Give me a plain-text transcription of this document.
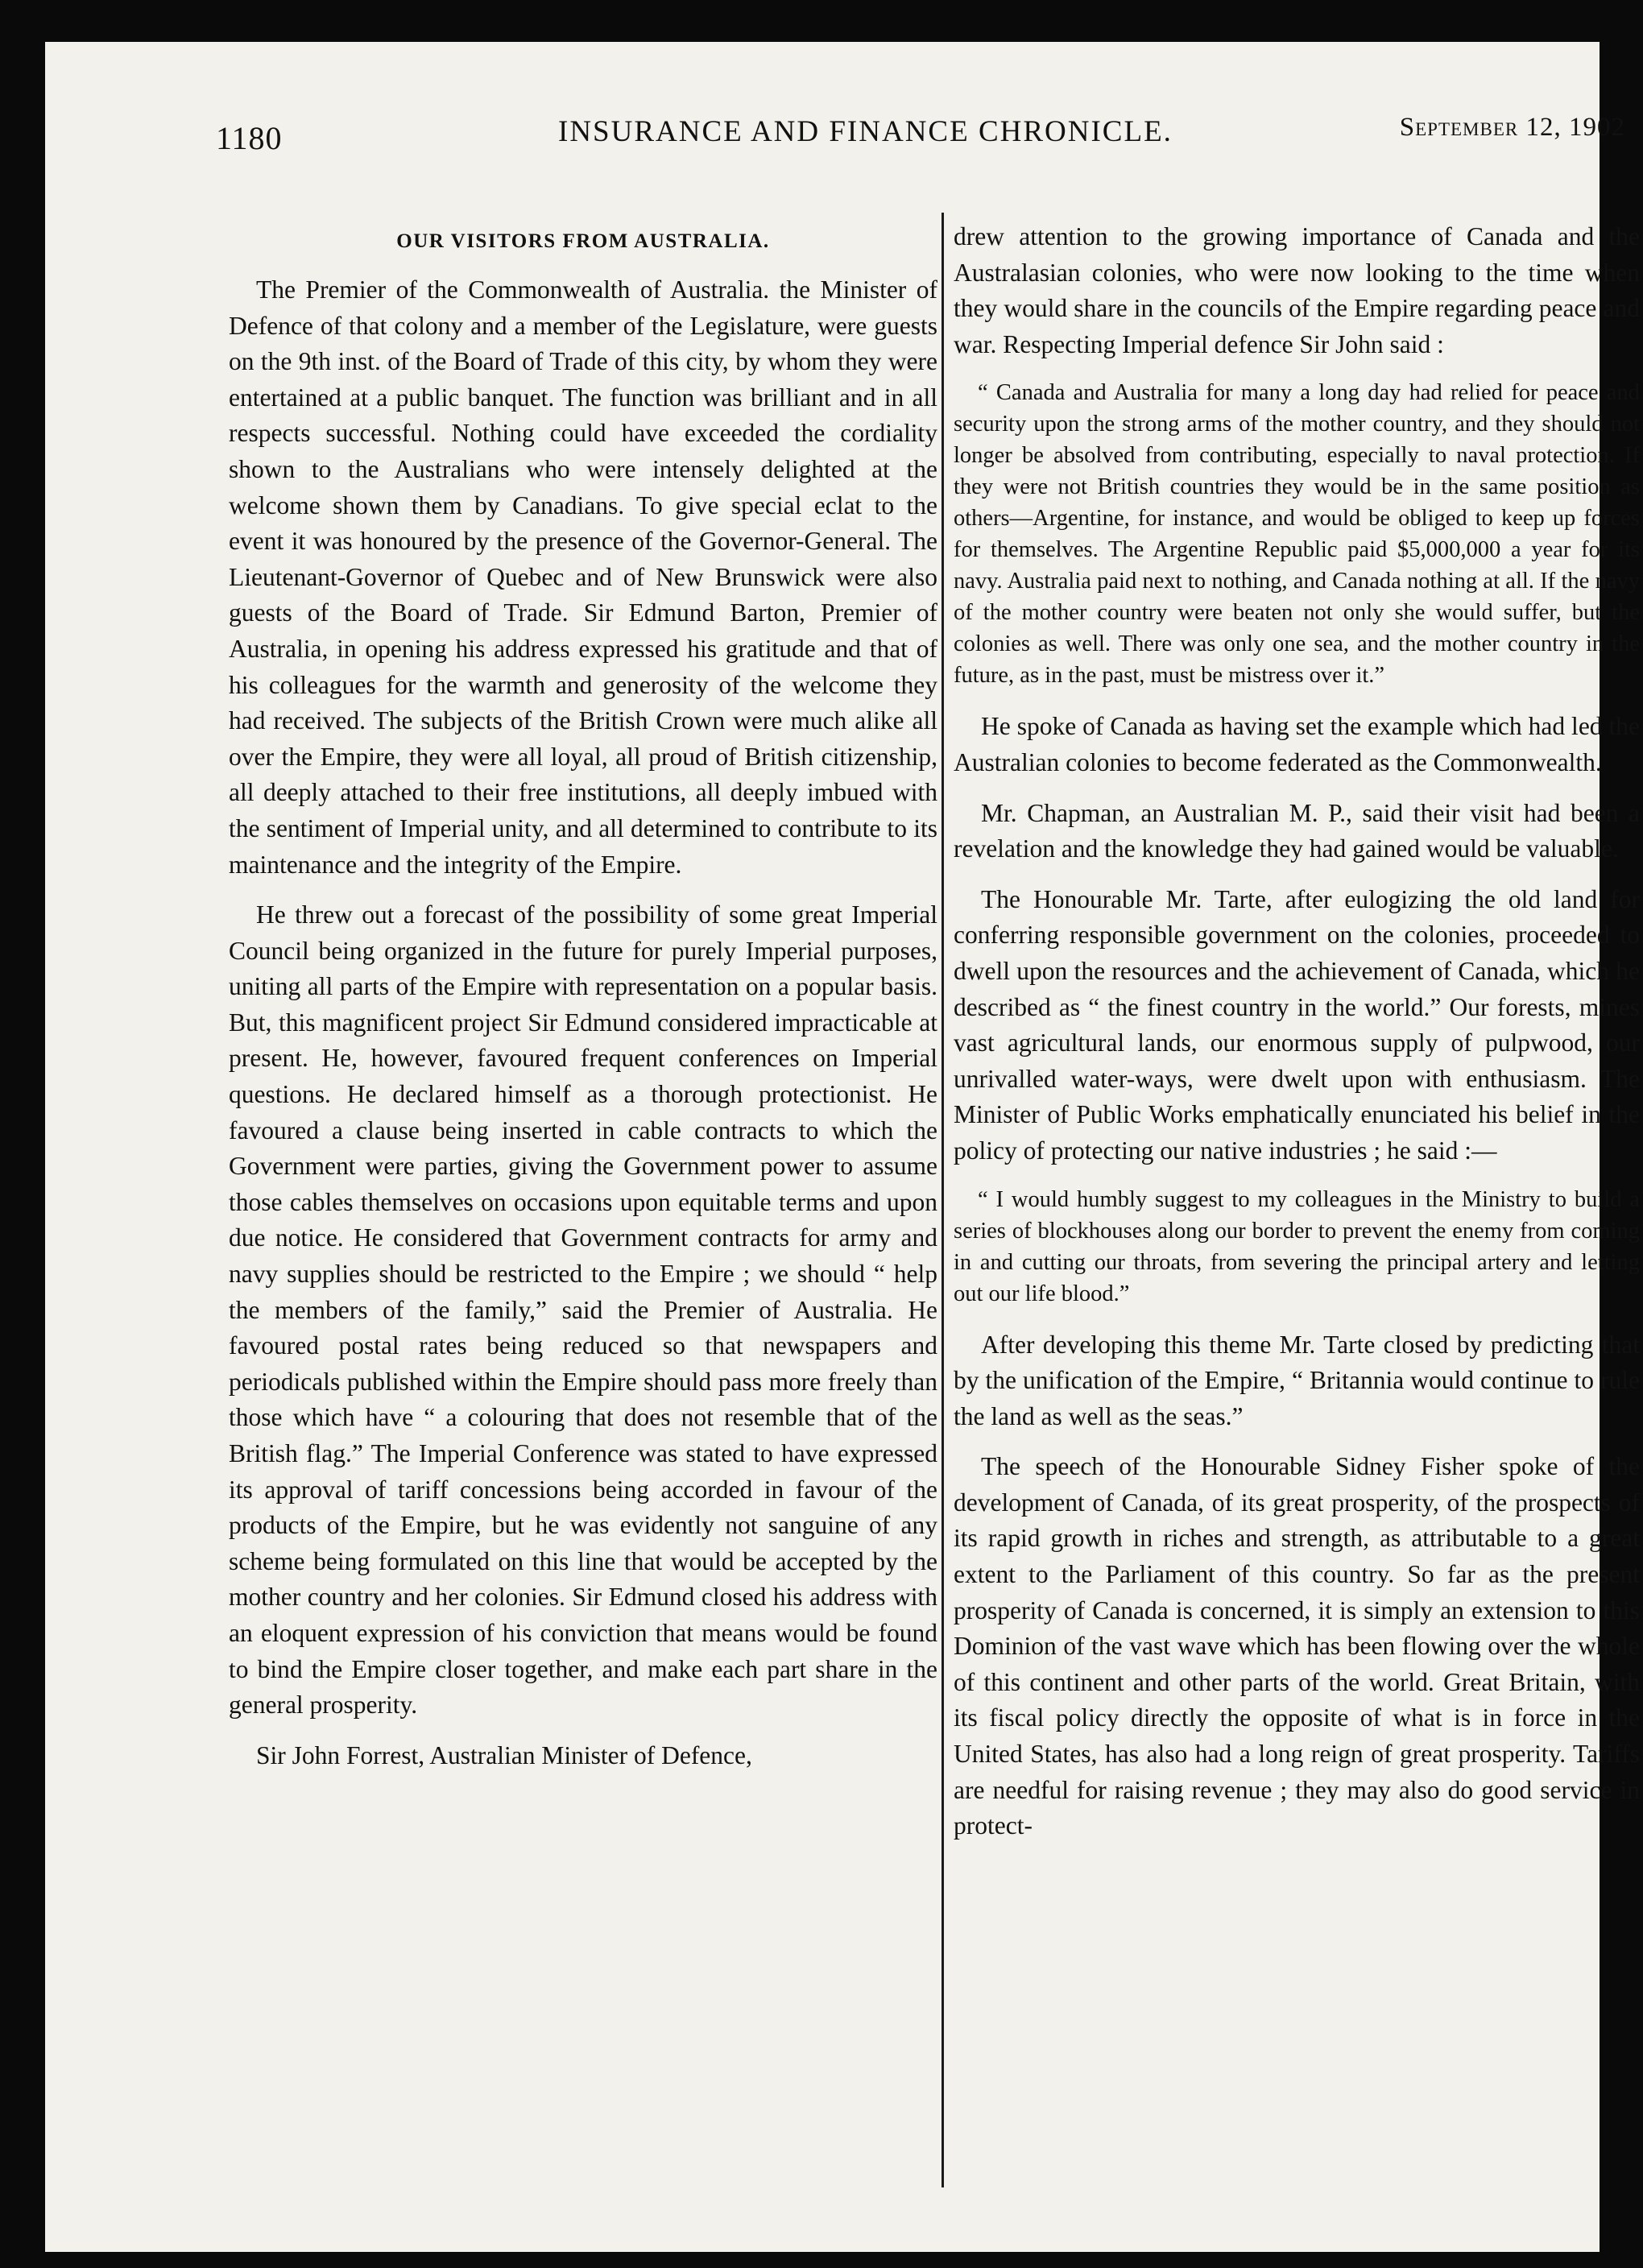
1180	INSURANCE AND FINANCE CHRONICLE.	September 12, 1902
OUR VISITORS FROM AUSTRALIA.

The Premier of the Commonwealth of Australia. the Minister of Defence of that colony and a member of the Legislature, were guests on the 9th inst. of the Board of Trade of this city, by whom they were entertained at a public banquet. The function was brilliant and in all respects successful. Nothing could have exceeded the cordiality shown to the Australians who were intensely delighted at the welcome shown them by Canadians. To give special eclat to the event it was honoured by the presence of the Governor-General. The Lieutenant-Governor of Quebec and of New Brunswick were also guests of the Board of Trade. Sir Edmund Barton, Premier of Australia, in opening his address expressed his gratitude and that of his colleagues for the warmth and generosity of the welcome they had received. The subjects of the British Crown were much alike all over the Empire, they were all loyal, all proud of British citizenship, all deeply attached to their free institutions, all deeply imbued with the sentiment of Imperial unity, and all determined to contribute to its maintenance and the integrity of the Empire.

He threw out a forecast of the possibility of some great Imperial Council being organized in the future for purely Imperial purposes, uniting all parts of the Empire with representation on a popular basis. But, this magnificent project Sir Edmund considered impracticable at present. He, however, favoured frequent conferences on Imperial questions. He declared himself as a thorough protectionist. He favoured a clause being inserted in cable contracts to which the Government were parties, giving the Government power to assume those cables themselves on occasions upon equitable terms and upon due notice. He considered that Government contracts for army and navy supplies should be restricted to the Empire ; we should “ help the members of the family,” said the Premier of Australia. He favoured postal rates being reduced so that newspapers and periodicals published within the Empire should pass more freely than those which have “ a colouring that does not resemble that of the British flag.” The Imperial Conference was stated to have expressed its approval of tariff concessions being accorded in favour of the products of the Empire, but he was evidently not sanguine of any scheme being formulated on this line that would be accepted by the mother country and her colonies. Sir Edmund closed his address with an eloquent expression of his conviction that means would be found to bind the Empire closer together, and make each part share in the general prosperity.

Sir John Forrest, Australian Minister of Defence,

drew attention to the growing importance of Canada and the Australasian colonies, who were now looking to the time when they would share in the councils of the Empire regarding peace and war. Respecting Imperial defence Sir John said :

“ Canada and Australia for many a long day had relied for peace and security upon the strong arms of the mother country, and they should not longer be absolved from contributing, especially to naval protection. If they were not British countries they would be in the same position as others—Argentine, for instance, and would be obliged to keep up forces for themselves. The Argentine Republic paid $5,000,000 a year for its navy. Australia paid next to nothing, and Canada nothing at all. If the navy of the mother country were beaten not only she would suffer, but the colonies as well. There was only one sea, and the mother country in the future, as in the past, must be mistress over it.”

He spoke of Canada as having set the example which had led the Australian colonies to become federated as the Commonwealth.

Mr. Chapman, an Australian M. P., said their visit had been a revelation and the knowledge they had gained would be valuable.

The Honourable Mr. Tarte, after eulogizing the old land for conferring responsible government on the colonies, proceeded to dwell upon the resources and the achievement of Canada, which he described as “ the finest country in the world.” Our forests, mines vast agricultural lands, our enormous supply of pulpwood, our unrivalled water-ways, were dwelt upon with enthusiasm. The Minister of Public Works emphatically enunciated his belief in the policy of protecting our native industries ; he said :—

“ I would humbly suggest to my colleagues in the Ministry to build a series of blockhouses along our border to prevent the enemy from coming in and cutting our throats, from severing the principal artery and letting out our life blood.”

After developing this theme Mr. Tarte closed by predicting that by the unification of the Empire, “ Britannia would continue to rule the land as well as the seas.”

The speech of the Honourable Sidney Fisher spoke of the development of Canada, of its great prosperity, of the prospects of its rapid growth in riches and strength, as attributable to a great extent to the Parliament of this country. So far as the present prosperity of Canada is concerned, it is simply an extension to this Dominion of the vast wave which has been flowing over the whole of this continent and other parts of the world. Great Britain, with its fiscal policy directly the opposite of what is in force in the United States, has also had a long reign of great prosperity. Tariffs are needful for raising revenue ; they may also do good service in protect-
